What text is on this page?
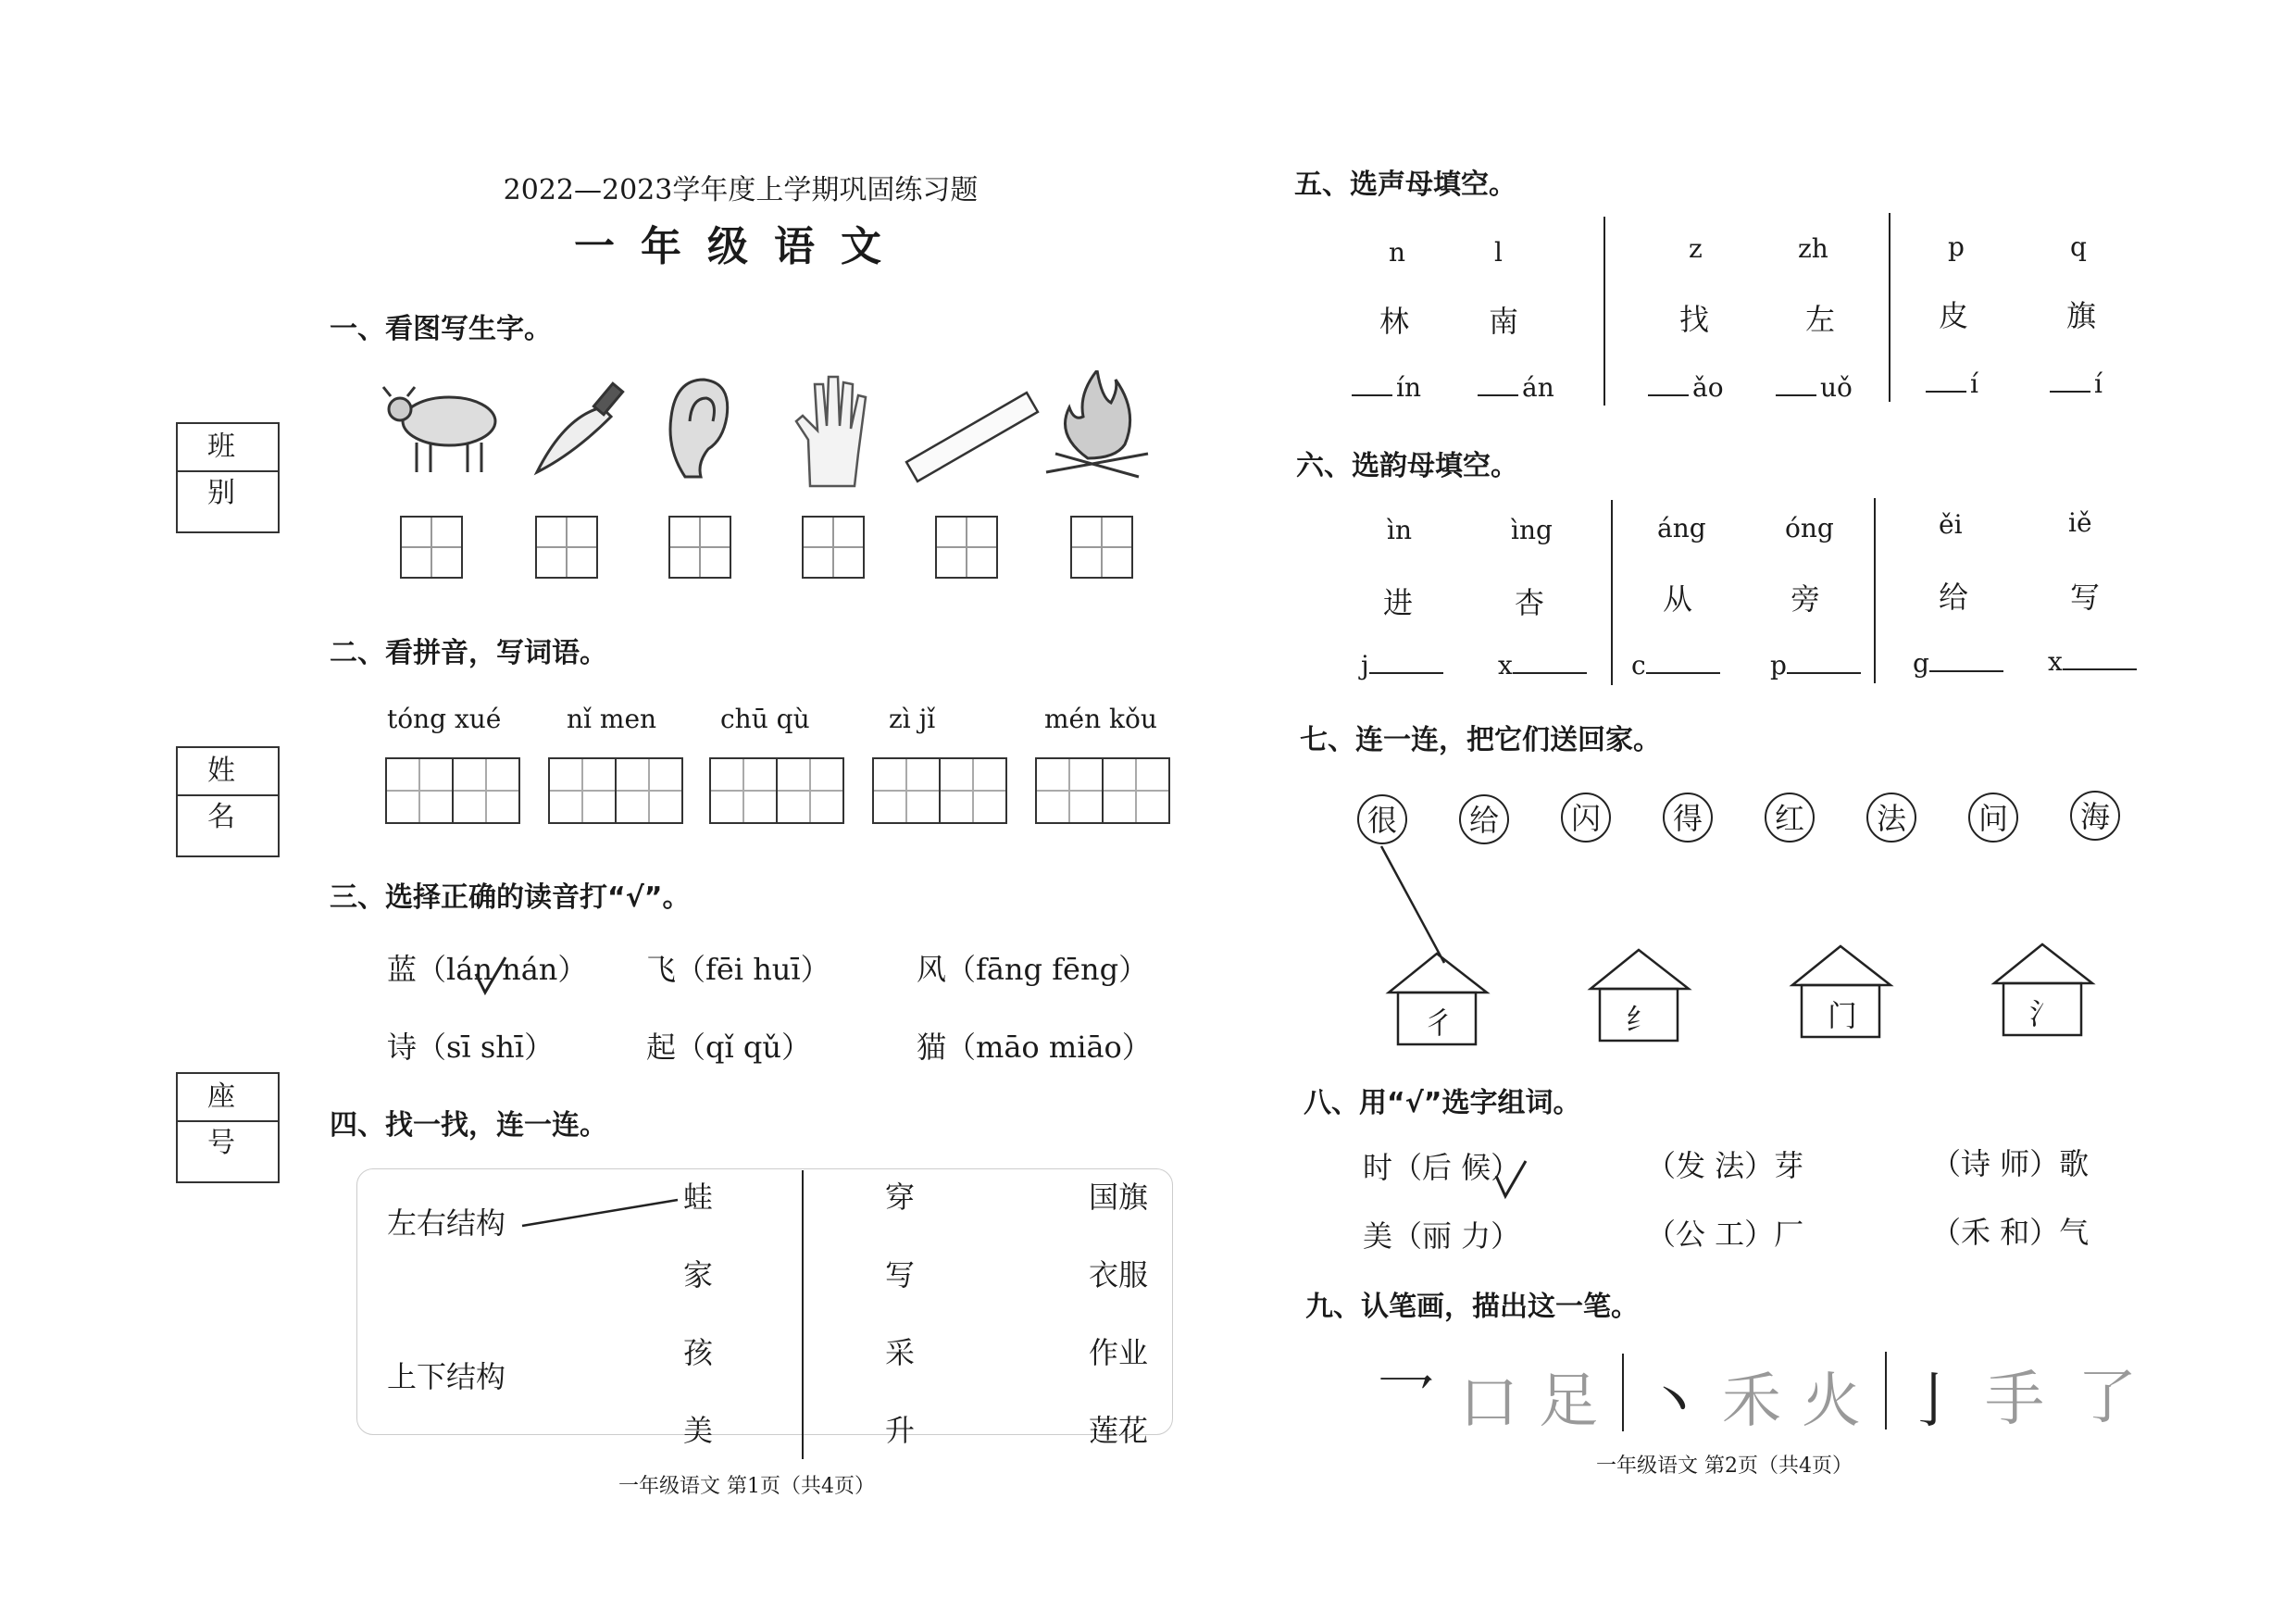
2022—2023学年度上学期巩固练习题
一年级语文
班 别
姓 名
座 号
一、看图写生字。
二、看拼音，写词语。
tóng xué	nǐ men chū qù	zì jǐ	mén kǒu
三、选择正确的读音打“√”。
蓝（lán nán） 飞（fēi huī）	风（fāng fēng）
诗（sī shī）	起（qǐ qǔ）	猫（māo miāo）
四、找一找，连一连。
左右结构
上下结构
蛙
家
孩
美
穿
写
采
升
国旗
衣服
作业
莲花
一年级语文 第1页（共4页）
五、选声母填空。
n	l
林	南
ín	án
z	zh
找	左
ǎo	uǒ
p	q
皮	旗
í	í
六、选韵母填空。
ìn	ìng
进	杏
j	x
áng	óng
从	旁
c	p
ěi	iě
给	写
g	x
七、连一连，把它们送回家。
很	给	闪	得	红	法	问	海
彳	纟	门	氵
八、用“√”选字组词。
时（后 候）	（发 法）芽	（诗 师）歌
美（丽 力）	（公 工）厂	（禾 和）气
九、认笔画，描出这一笔。
乛 口 足 丶 禾 火 亅 手 了
一年级语文 第2页（共4页）
